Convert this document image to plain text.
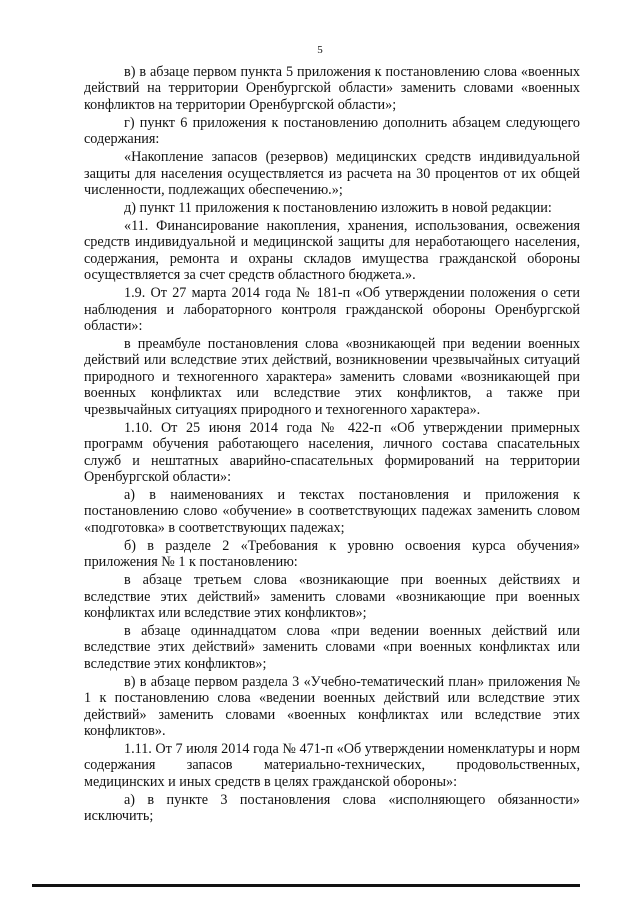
5

в) в абзаце первом пункта 5 приложения к постановлению слова «военных действий на территории Оренбургской области» заменить словами «военных конфликтов на территории Оренбургской области»;

г) пункт 6 приложения к постановлению дополнить абзацем следующего содержания:

«Накопление запасов (резервов) медицинских средств индивидуальной защиты для населения осуществляется из расчета на 30 процентов от их общей численности, подлежащих обеспечению.»;

д) пункт 11 приложения к постановлению изложить в новой редакции:

«11. Финансирование накопления, хранения, использования, освежения средств индивидуальной и медицинской защиты для неработающего населения, содержания, ремонта и охраны складов имущества гражданской обороны осуществляется за счет средств областного бюджета.».

1.9. От 27 марта 2014 года № 181-п «Об утверждении положения о сети наблюдения и лабораторного контроля гражданской обороны Оренбургской области»:

в преамбуле постановления слова «возникающей при ведении военных действий или вследствие этих действий, возникновении чрезвычайных ситуаций природного и техногенного характера» заменить словами «возникающей при военных конфликтах или вследствие этих конфликтов, а также при чрезвычайных ситуациях природного и техногенного характера».

1.10. От 25 июня 2014 года № 422-п «Об утверждении примерных программ обучения работающего населения, личного состава спасательных служб и нештатных аварийно-спасательных формирований на территории Оренбургской области»:

а) в наименованиях и текстах постановления и приложения к постановлению слово «обучение» в соответствующих падежах заменить словом «подготовка» в соответствующих падежах;

б) в разделе 2 «Требования к уровню освоения курса обучения» приложения № 1 к постановлению:

в абзаце третьем слова «возникающие при военных действиях и вследствие этих действий» заменить словами «возникающие при военных конфликтах или вследствие этих конфликтов»;

в абзаце одиннадцатом слова «при ведении военных действий или вследствие этих действий» заменить словами «при военных конфликтах или вследствие этих конфликтов»;

в) в абзаце первом раздела 3 «Учебно-тематический план» приложения № 1 к постановлению слова «ведении военных действий или вследствие этих действий» заменить словами «военных конфликтах или вследствие этих конфликтов».

1.11. От 7 июля 2014 года № 471-п «Об утверждении номенклатуры и норм содержания запасов материально-технических, продовольственных, медицинских и иных средств в целях гражданской обороны»:

а) в пункте 3 постановления слова «исполняющего обязанности» исключить;
